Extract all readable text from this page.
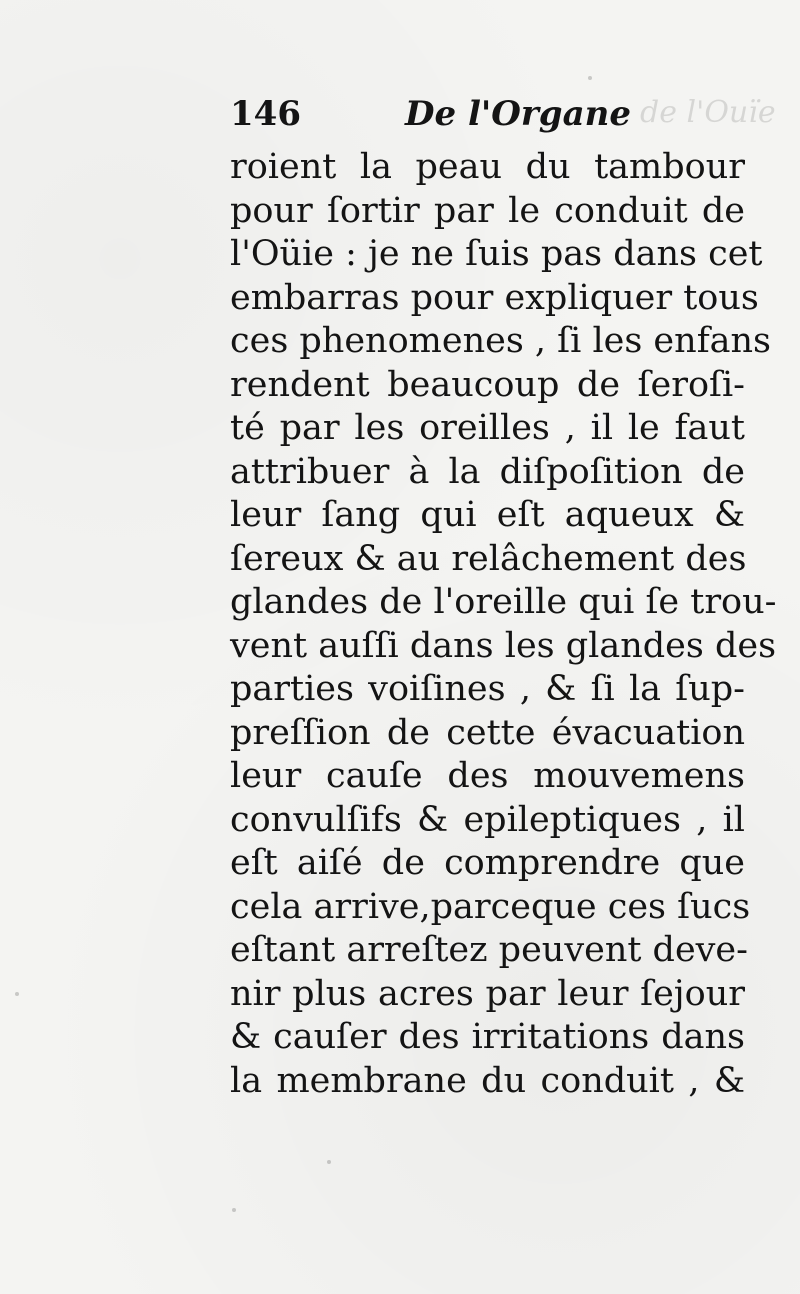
de l'Ouïe
146	De l'Organe
roient la peau du tambour
pour ſortir par le conduit de
l'Oüie : je ne ſuis pas dans cet
embarras pour expliquer tous
ces phenomenes , ſi les enfans
rendent beaucoup de ſeroſi-
té par les oreilles , il le faut
attribuer à la diſpoſition de
leur ſang qui eſt aqueux &
ſereux & au relâchement des
glandes de l'oreille qui ſe trou-
vent auſſi dans les glandes des
parties voiſines , & ſi la ſup-
preſſion de cette évacuation
leur cauſe des mouvemens
convulſifs & epileptiques , il
eſt aiſé de comprendre que
cela arrive,parceque ces ſucs
eſtant arreſtez peuvent deve-
nir plus acres par leur ſejour
& cauſer des irritations dans
la membrane du conduit , &
